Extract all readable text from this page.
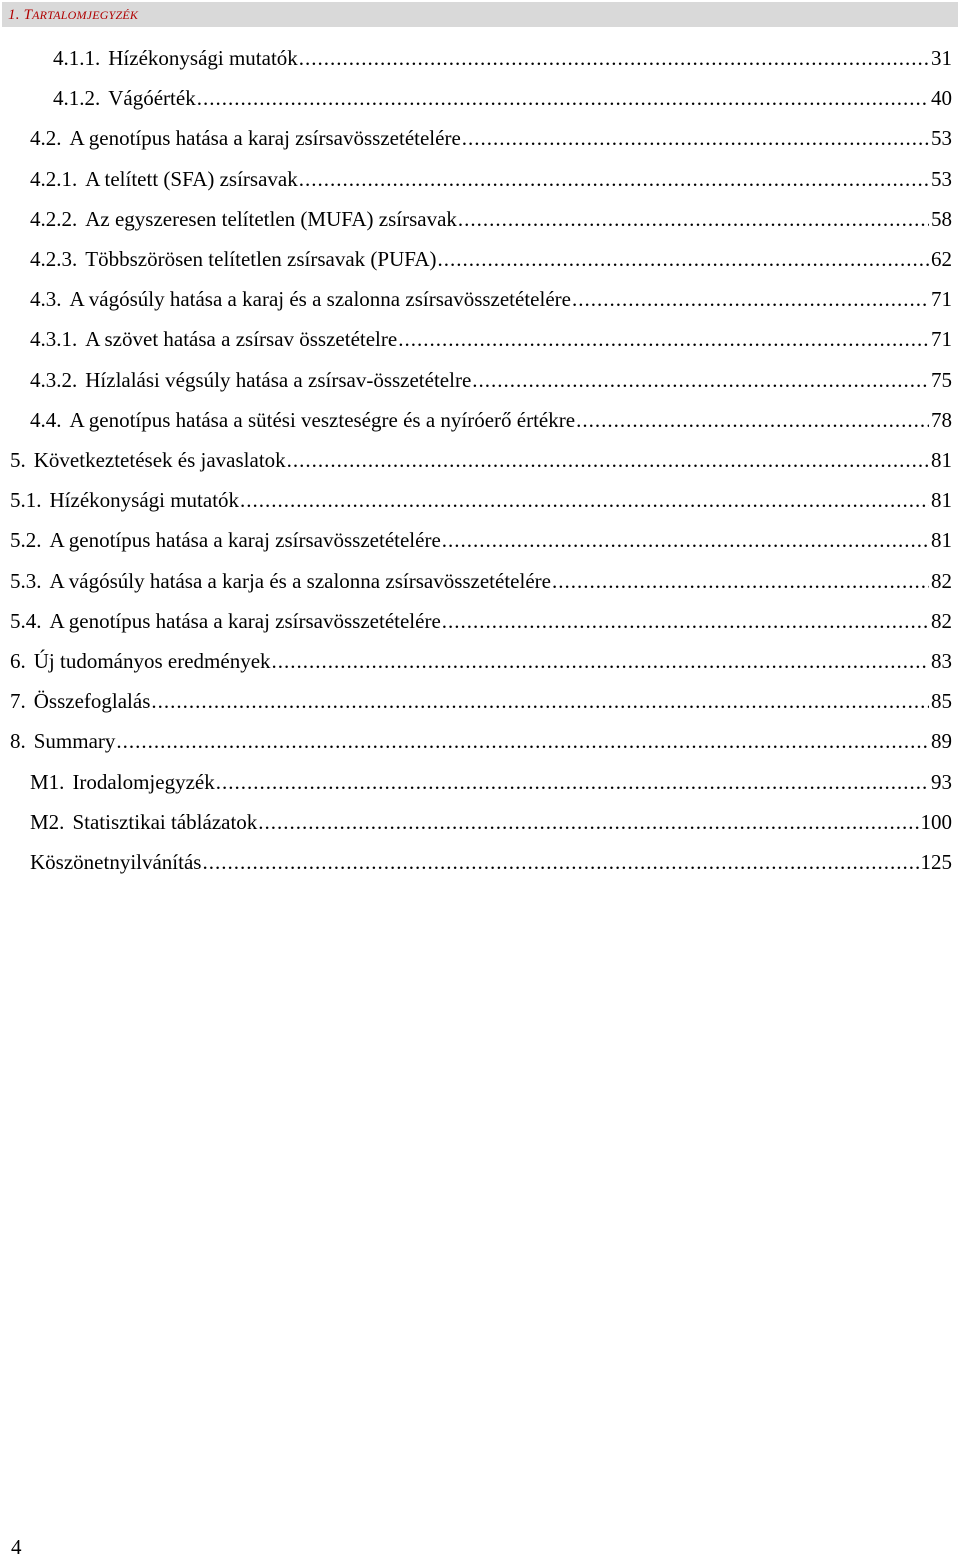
1. TARTALOMJEGYZÉK
4.1.1. Hízékonysági mutatók .....	31
4.1.2. Vágóérték .....	40
4.2. A genotípus hatása a karaj zsírsavösszetételére .....	53
4.2.1. A telített (SFA) zsírsavak .....	53
4.2.2. Az egyszeresen telítetlen (MUFA) zsírsavak .....	58
4.2.3. Többszörösen telítetlen zsírsavak (PUFA) .....	62
4.3. A vágósúly hatása a karaj és a szalonna zsírsavösszetételére .....	71
4.3.1. A szövet hatása a zsírsav összetételre .....	71
4.3.2. Hízlalási végsúly hatása a zsírsav-összetételre .....	75
4.4. A genotípus hatása a sütési veszteségre és a nyíróerő értékre .....	78
5. Következtetések és javaslatok .....	81
5.1. Hízékonysági mutatók .....	81
5.2. A genotípus hatása a karaj zsírsavösszetételére .....	81
5.3. A vágósúly hatása a karja és a szalonna zsírsavösszetételére .....	82
5.4. A genotípus hatása a karaj zsírsavösszetételére .....	82
6. Új tudományos eredmények .....	83
7. Összefoglalás .....	85
8. Summary .....	89
M1. Irodalomjegyzék .....	93
M2. Statisztikai táblázatok .....	100
Köszönetnyilvánítás .....	125
4
